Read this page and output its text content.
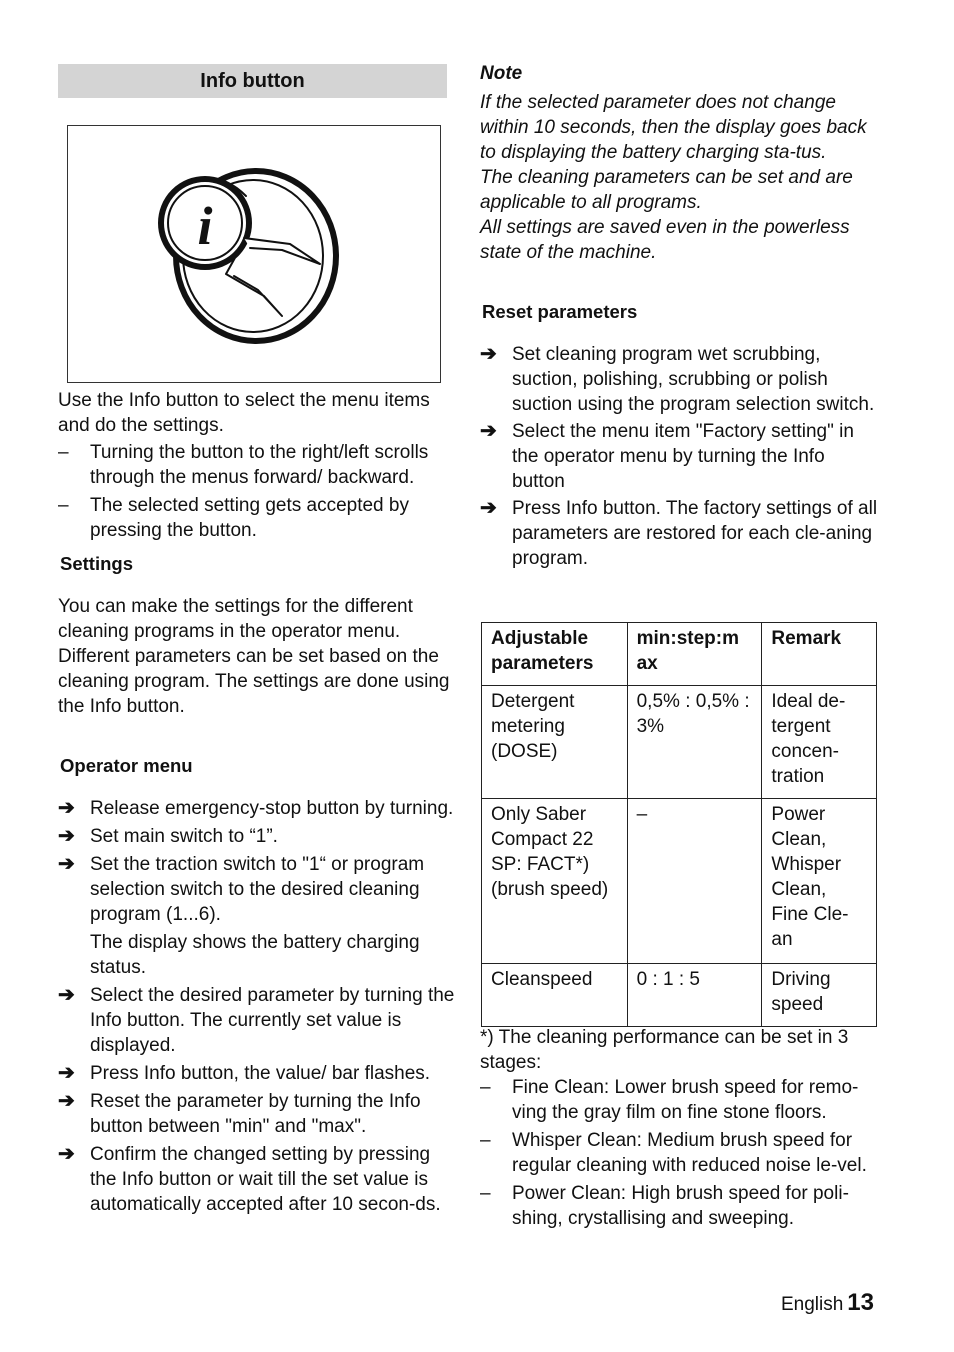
Info button
i

Use the Info button to select the menu items and do the settings.

–	Turning the button to the right/left scrolls through the menus forward/ backward.
–	The selected setting gets accepted by pressing the button.
Settings

You can make the settings for the different cleaning programs in the operator menu. Different parameters can be set based on the cleaning program. The settings are done using the Info button.

Operator menu
➔ Release emergency-stop button by turning.
➔ Set main switch to “1”.
➔ Set the traction switch to "1“ or program selection switch to the desired cleaning program (1...6).
The display shows the battery charging status.
➔ Select the desired parameter by turning the Info button. The currently set value is displayed.
➔ Press Info button, the value/ bar flashes.
➔ Reset the parameter by turning the Info button between "min" and "max".
➔ Confirm the changed setting by pressing the Info button or wait till the set value is automatically accepted after 10 secon-ds.
Note

If the selected parameter does not change within 10 seconds, then the display goes back to displaying the battery charging sta-tus.

The cleaning parameters can be set and are applicable to all programs.

All settings are saved even in the powerless state of the machine.

Reset parameters
➔ Set cleaning program wet scrubbing, suction, polishing, scrubbing or polish suction using the program selection switch.
➔ Select the menu item "Factory setting" in the operator menu by turning the Info button
➔ Press Info button. The factory settings of all parameters are restored for each cle-aning program.
Adjustable parameters	min:step:m ax	Remark
Detergent metering (DOSE)	0,5% : 0,5% : 3%	Ideal de-tergent concen-tration
Only Saber Compact 22 SP: FACT*) (brush speed)	–	Power Clean, Whisper Clean, Fine Cle-an
Cleanspeed	0 : 1 : 5	Driving speed

*) The cleaning performance can be set in 3 stages:

–	Fine Clean: Lower brush speed for remo-ving the gray film on fine stone floors.
–	Whisper Clean: Medium brush speed for regular cleaning with reduced noise le-vel.
–	Power Clean: High brush speed for poli-shing, crystallising and sweeping.
English 13
